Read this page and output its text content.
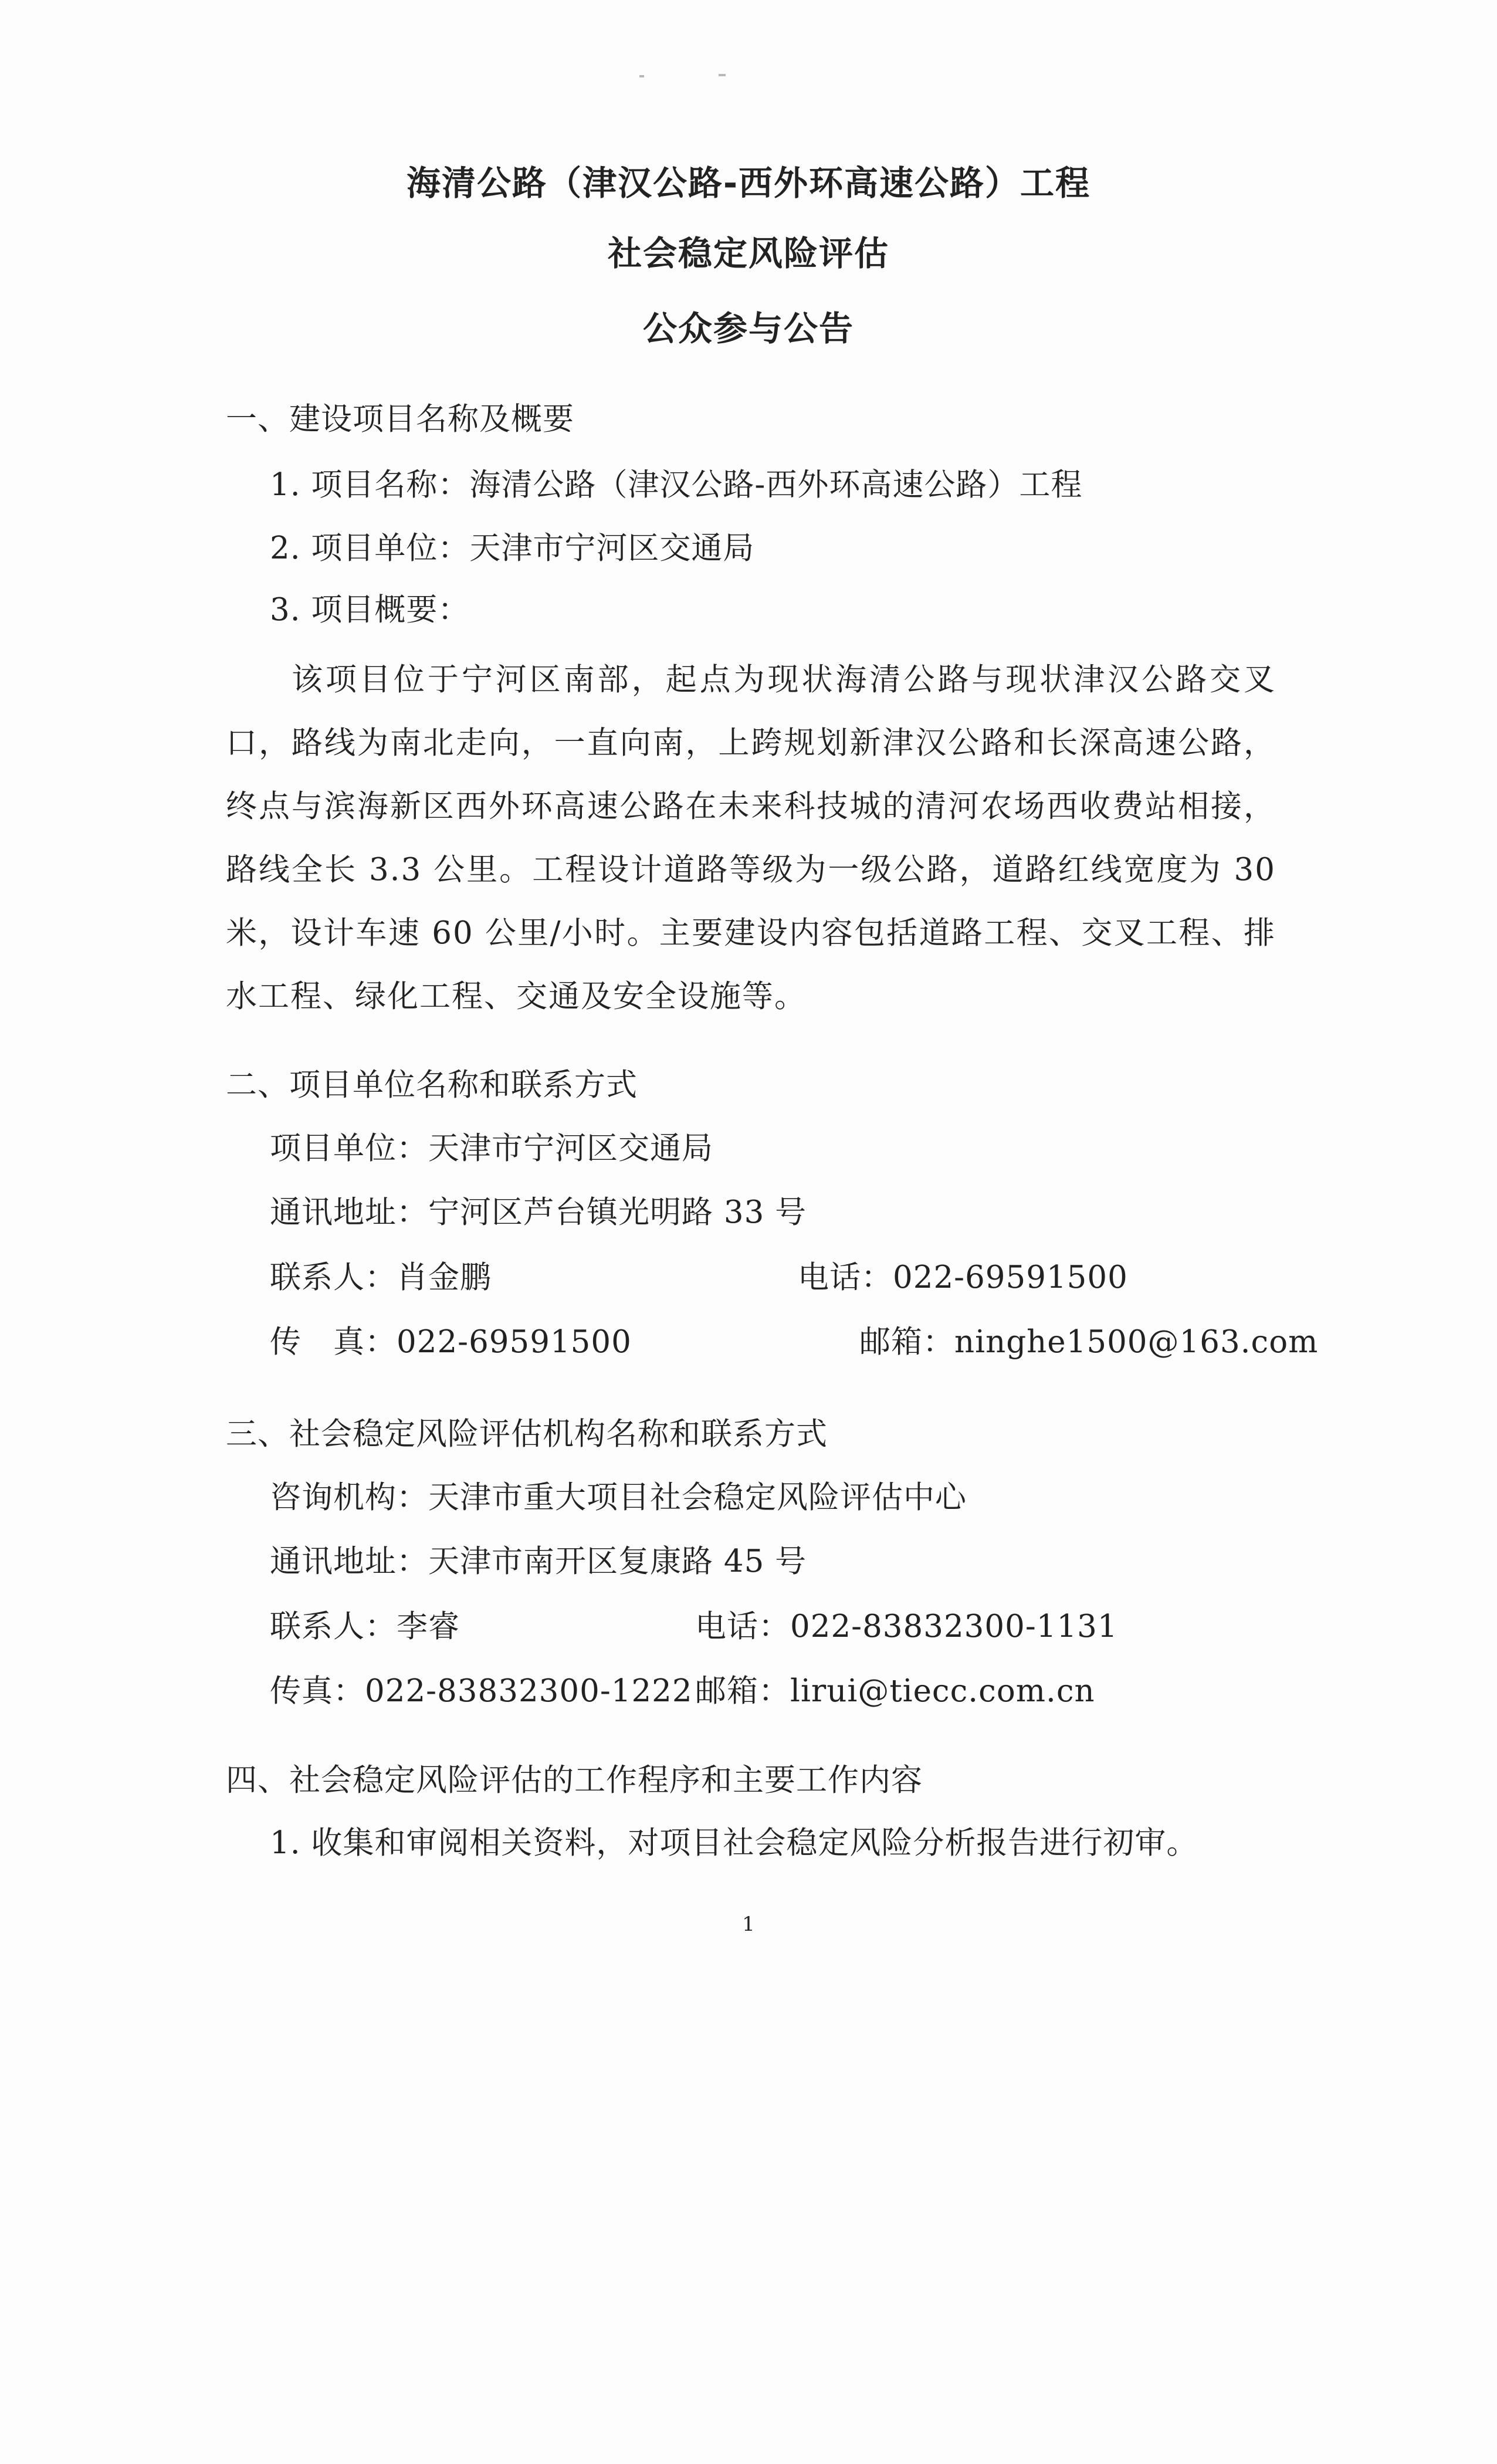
海清公路（津汉公路-西外环高速公路）工程
社会稳定风险评估
公众参与公告
一、建设项目名称及概要
1. 项目名称：海清公路（津汉公路-西外环高速公路）工程
2. 项目单位：天津市宁河区交通局
3. 项目概要：
该项目位于宁河区南部，起点为现状海清公路与现状津汉公路交叉口，路线为南北走向，一直向南，上跨规划新津汉公路和长深高速公路，终点与滨海新区西外环高速公路在未来科技城的清河农场西收费站相接，路线全长 3.3 公里。工程设计道路等级为一级公路，道路红线宽度为 30 米，设计车速 60 公里/小时。主要建设内容包括道路工程、交叉工程、排水工程、绿化工程、交通及安全设施等。
二、项目单位名称和联系方式
项目单位：天津市宁河区交通局
通讯地址：宁河区芦台镇光明路 33 号
联系人：肖金鹏	电话：022-69591500
传　真：022-69591500	邮箱：ninghe1500@163.com
三、社会稳定风险评估机构名称和联系方式
咨询机构：天津市重大项目社会稳定风险评估中心
通讯地址：天津市南开区复康路 45 号
联系人：李睿	电话：022-83832300-1131
传真：022-83832300-1222 邮箱：lirui@tiecc.com.cn
四、社会稳定风险评估的工作程序和主要工作内容
1. 收集和审阅相关资料，对项目社会稳定风险分析报告进行初审。
1
